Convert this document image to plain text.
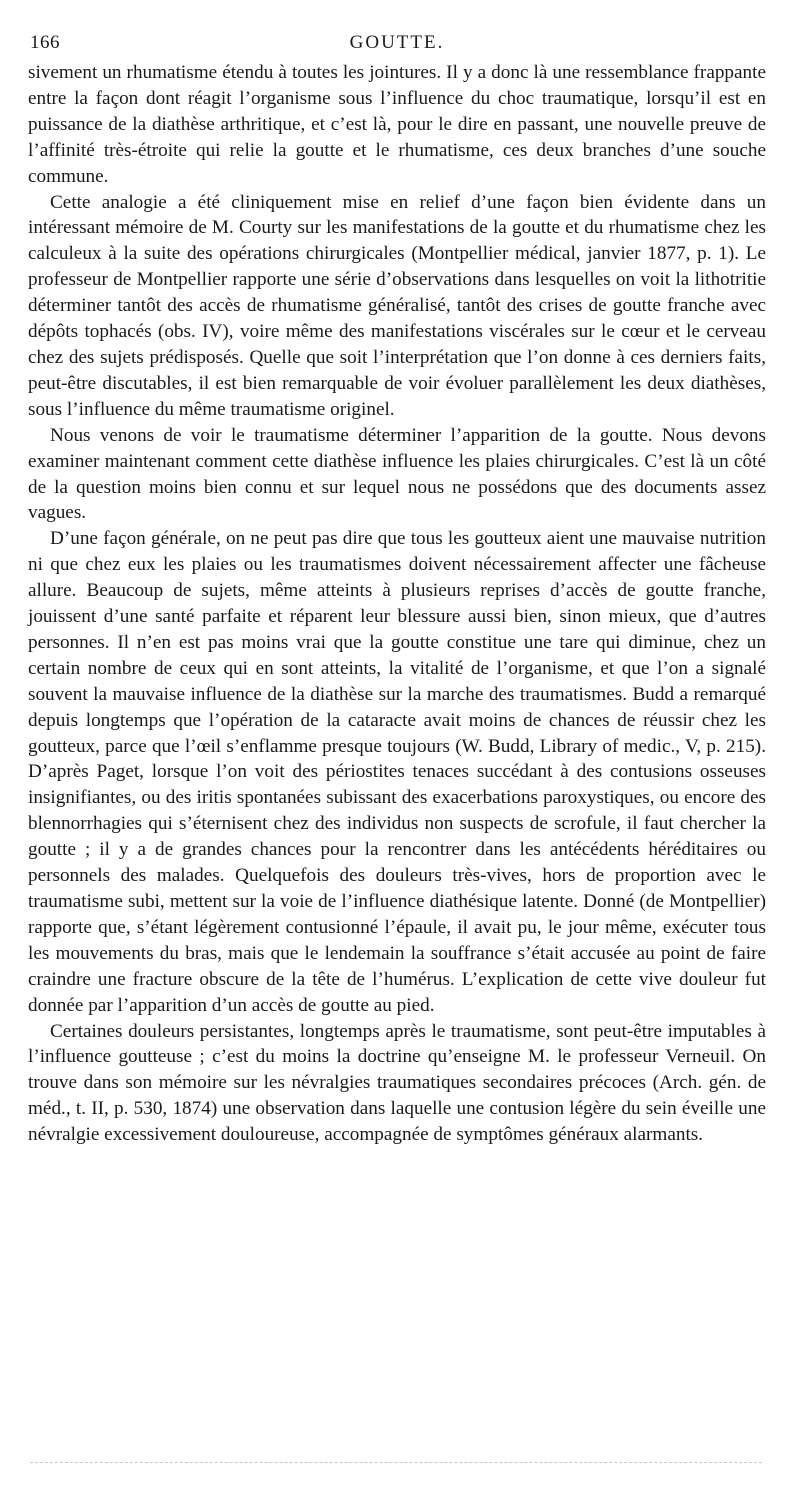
166	GOUTTE.

sivement un rhumatisme étendu à toutes les jointures. Il y a donc là une ressemblance frappante entre la façon dont réagit l’organisme sous l’influence du choc traumatique, lorsqu’il est en puissance de la diathèse arthritique, et c’est là, pour le dire en passant, une nouvelle preuve de l’affinité très-étroite qui relie la goutte et le rhumatisme, ces deux branches d’une souche commune.

Cette analogie a été cliniquement mise en relief d’une façon bien évidente dans un intéressant mémoire de M. Courty sur les manifestations de la goutte et du rhumatisme chez les calculeux à la suite des opérations chirurgicales (Montpellier médical, janvier 1877, p. 1). Le professeur de Montpellier rapporte une série d’observations dans lesquelles on voit la lithotritie déterminer tantôt des accès de rhumatisme généralisé, tantôt des crises de goutte franche avec dépôts tophacés (obs. IV), voire même des manifestations viscérales sur le cœur et le cerveau chez des sujets prédisposés. Quelle que soit l’interprétation que l’on donne à ces derniers faits, peut-être discutables, il est bien remarquable de voir évoluer parallèlement les deux diathèses, sous l’influence du même traumatisme originel.

Nous venons de voir le traumatisme déterminer l’apparition de la goutte. Nous devons examiner maintenant comment cette diathèse influence les plaies chirurgicales. C’est là un côté de la question moins bien connu et sur lequel nous ne possédons que des documents assez vagues.

D’une façon générale, on ne peut pas dire que tous les goutteux aient une mauvaise nutrition ni que chez eux les plaies ou les traumatismes doivent nécessairement affecter une fâcheuse allure. Beaucoup de sujets, même atteints à plusieurs reprises d’accès de goutte franche, jouissent d’une santé parfaite et réparent leur blessure aussi bien, sinon mieux, que d’autres personnes. Il n’en est pas moins vrai que la goutte constitue une tare qui diminue, chez un certain nombre de ceux qui en sont atteints, la vitalité de l’organisme, et que l’on a signalé souvent la mauvaise influence de la diathèse sur la marche des traumatismes. Budd a remarqué depuis longtemps que l’opération de la cataracte avait moins de chances de réussir chez les goutteux, parce que l’œil s’enflamme presque toujours (W. Budd, Library of medic., V, p. 215). D’après Paget, lorsque l’on voit des périostites tenaces succédant à des contusions osseuses insignifiantes, ou des iritis spontanées subissant des exacerbations paroxystiques, ou encore des blennorrhagies qui s’éternisent chez des individus non suspects de scrofule, il faut chercher la goutte ; il y a de grandes chances pour la rencontrer dans les antécédents héréditaires ou personnels des malades. Quelquefois des douleurs très-vives, hors de proportion avec le traumatisme subi, mettent sur la voie de l’influence diathésique latente. Donné (de Montpellier) rapporte que, s’étant légèrement contusionné l’épaule, il avait pu, le jour même, exécuter tous les mouvements du bras, mais que le lendemain la souffrance s’était accusée au point de faire craindre une fracture obscure de la tête de l’humérus. L’explication de cette vive douleur fut donnée par l’apparition d’un accès de goutte au pied.

Certaines douleurs persistantes, longtemps après le traumatisme, sont peut-être imputables à l’influence goutteuse ; c’est du moins la doctrine qu’enseigne M. le professeur Verneuil. On trouve dans son mémoire sur les névralgies traumatiques secondaires précoces (Arch. gén. de méd., t. II, p. 530, 1874) une observation dans laquelle une contusion légère du sein éveille une névralgie excessivement douloureuse, accompagnée de symptômes généraux alarmants.
